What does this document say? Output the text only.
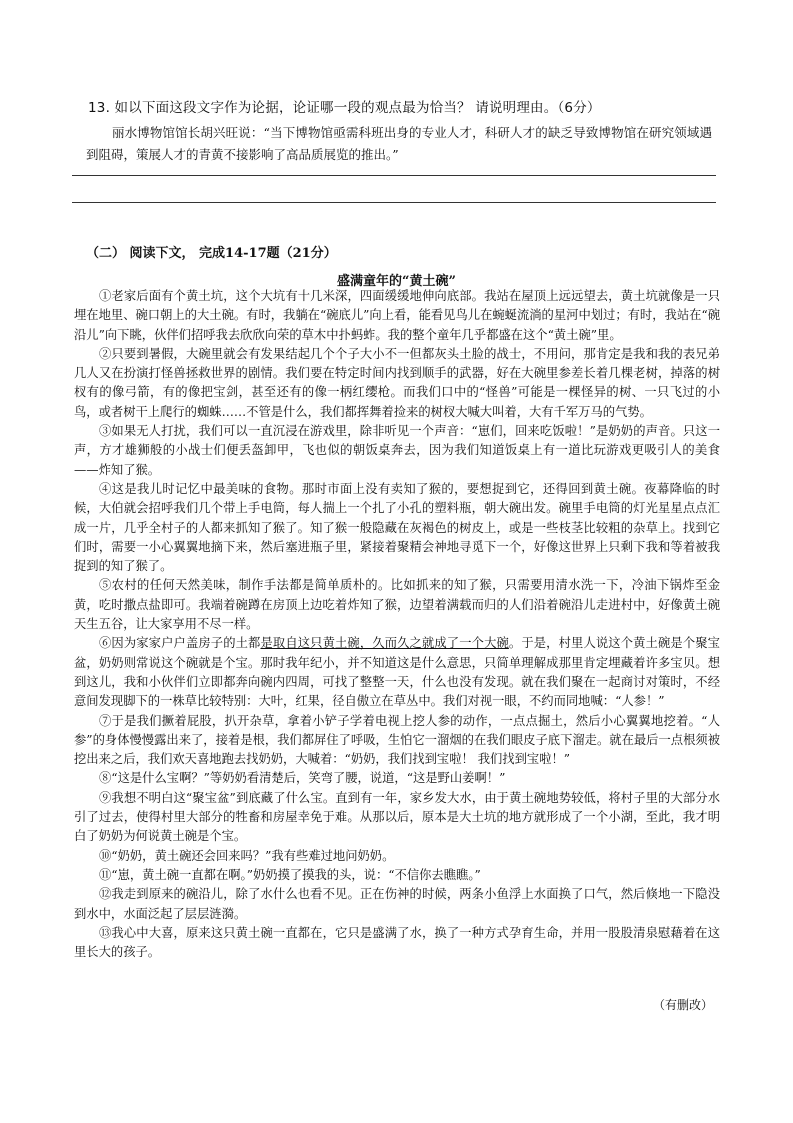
13. 如以下面这段文字作为论据，论证哪一段的观点最为恰当？ 请说明理由。（6分）
丽水博物馆馆长胡兴旺说：“当下博物馆亟需科班出身的专业人才，科研人才的缺乏导致博物馆在研究领域遇到阻碍，策展人才的青黄不接影响了高品质展览的推出。”
（二） 阅读下文， 完成14-17题（21分）
盛满童年的“黄土碗”

①老家后面有个黄土坑，这个大坑有十几米深，四面缓缓地伸向底部。我站在屋顶上远远望去，黄土坑就像是一只埋在地里、碗口朝上的大土碗。有时，我躺在“碗底儿”向上看，能看见鸟儿在蜿蜒流淌的星河中划过；有时，我站在“碗沿儿”向下眺，伙伴们招呼我去欣欣向荣的草木中扑蚂蚱。我的整个童年几乎都盛在这个“黄土碗”里。

②只要到暑假，大碗里就会有发果结起几个个子大小不一但都灰头土脸的战士，不用问，那肯定是我和我的表兄弟几人又在扮演打怪兽拯救世界的剧情。我们要在特定时间内找到顺手的武器，好在大碗里参差长着几棵老树，掉落的树杈有的像弓箭，有的像把宝剑，甚至还有的像一柄红缨枪。而我们口中的“怪兽”可能是一棵怪异的树、一只飞过的小鸟，或者树干上爬行的蜘蛛……不管是什么，我们都挥舞着捡来的树杈大喊大叫着，大有千军万马的气势。

③如果无人打扰，我们可以一直沉浸在游戏里，除非听见一个声音：“崽们，回来吃饭啦！”是奶奶的声音。只这一声，方才雄狮般的小战士们便丢盔卸甲，飞也似的朝饭桌奔去，因为我们知道饭桌上有一道比玩游戏更吸引人的美食——炸知了猴。

④这是我儿时记忆中最美味的食物。那时市面上没有卖知了猴的，要想捉到它，还得回到黄土碗。夜幕降临的时候，大伯就会招呼我们几个带上手电筒，每人揣上一个扎了小孔的塑料瓶，朝大碗出发。碗里手电筒的灯光星星点点汇成一片，几乎全村子的人都来抓知了猴了。知了猴一般隐藏在灰褐色的树皮上，或是一些枝茎比较粗的杂草上。找到它们时，需要一小心翼翼地摘下来，然后塞进瓶子里，紧接着聚精会神地寻觅下一个，好像这世界上只剩下我和等着被我捉到的知了猴了。

⑤农村的任何天然美味，制作手法都是简单质朴的。比如抓来的知了猴，只需要用清水洗一下，冷油下锅炸至金黄，吃时撒点盐即可。我端着碗蹲在房顶上边吃着炸知了猴，边望着满载而归的人们沿着碗沿儿走进村中，好像黄土碗天生五谷，让大家享用不尽一样。

⑥因为家家户户盖房子的土都是取自这只黄土碗，久而久之就成了一个大碗。于是，村里人说这个黄土碗是个聚宝盆，奶奶则常说这个碗就是个宝。那时我年纪小，并不知道这是什么意思，只简单理解成那里肯定埋藏着许多宝贝。想到这儿，我和小伙伴们立即都奔向碗内四周，可找了整整一天，什么也没有发现。就在我们聚在一起商讨对策时，不经意间发现脚下的一株草比较特别：大叶，红果，径自傲立在草丛中。我们对视一眼，不约而同地喊：“人参！”

⑦于是我们撅着屁股，扒开杂草，拿着小铲子学着电视上挖人参的动作，一点点掘土，然后小心翼翼地挖着。“人参”的身体慢慢露出来了，接着是根，我们都屏住了呼吸，生怕它一溜烟的在我们眼皮子底下溜走。就在最后一点根须被挖出来之后，我们欢天喜地跑去找奶奶，大喊着：“奶奶，我们找到宝啦！ 我们找到宝啦！”

⑧“这是什么宝啊？”等奶奶看清楚后，笑弯了腰，说道，“这是野山姜啊！”

⑨我想不明白这“聚宝盆”到底藏了什么宝。直到有一年，家乡发大水，由于黄土碗地势较低，将村子里的大部分水引了过去，使得村里大部分的牲畜和房屋幸免于难。从那以后，原本是大土坑的地方就形成了一个小湖，至此，我才明白了奶奶为何说黄土碗是个宝。

⑩“奶奶，黄土碗还会回来吗？”我有些难过地问奶奶。

⑪“崽，黄土碗一直都在啊。”奶奶摸了摸我的头，说：“不信你去瞧瞧。”

⑫我走到原来的碗沿儿，除了水什么也看不见。正在伤神的时候，两条小鱼浮上水面换了口气，然后倏地一下隐没到水中，水面泛起了层层涟漪。

⑬我心中大喜，原来这只黄土碗一直都在，它只是盛满了水，换了一种方式孕育生命，并用一股股清泉慰藉着在这里长大的孩子。

（有删改）
